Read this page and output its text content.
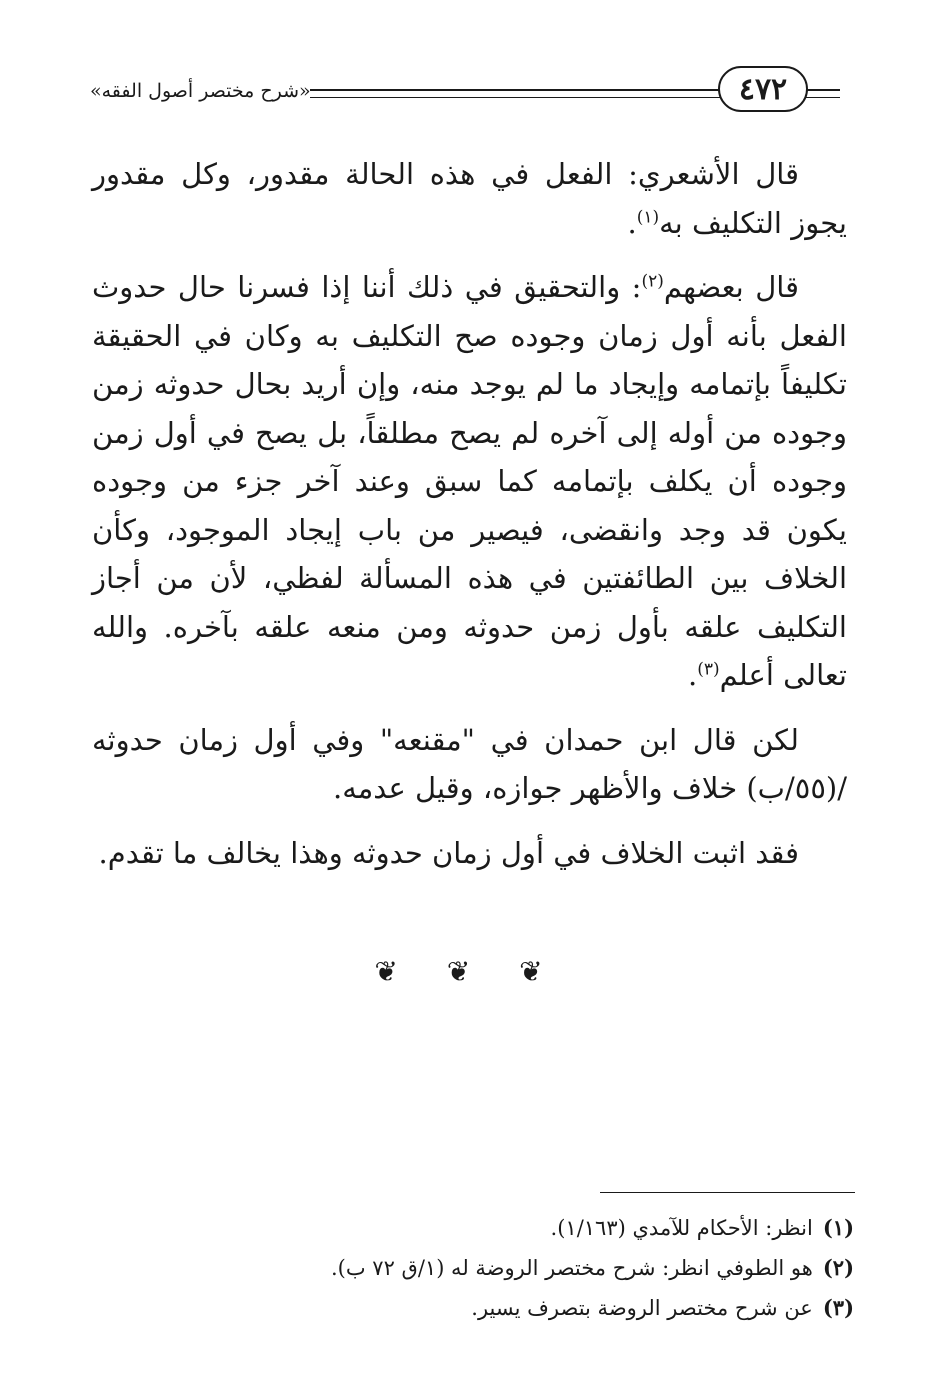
«شرح مختصر أصول الفقه»	٤٧٢

قال الأشعري: الفعل في هذه الحالة مقدور، وكل مقدور يجوز التكليف به$^{(١)}$.

قال بعضهم$^{(٢)}$: والتحقيق في ذلك أننا إذا فسرنا حال حدوث الفعل بأنه أول زمان وجوده صح التكليف به وكان في الحقيقة تكليفاً بإتمامه وإيجاد ما لم يوجد منه، وإن أريد بحال حدوثه زمن وجوده من أوله إلى آخره لم يصح مطلقاً، بل يصح في أول زمن وجوده أن يكلف بإتمامه كما سبق وعند آخر جزء من وجوده يكون قد وجد وانقضى، فيصير من باب إيجاد الموجود، وكأن الخلاف بين الطائفتين في هذه المسألة لفظي، لأن من أجاز التكليف علقه بأول زمن حدوثه ومن منعه علقه بآخره. والله تعالى أعلم$^{(٣)}$.

لكن قال ابن حمدان في "مقنعه" وفي أول زمان حدوثه /(٥٥/ب) خلاف والأظهر جوازه، وقيل عدمه.

فقد اثبت الخلاف في أول زمان حدوثه وهذا يخالف ما تقدم.

❦ ❦ ❦
(١)انظر: الأحكام للآمدي (١/١٦٣).
(٢)هو الطوفي انظر: شرح مختصر الروضة له (١/ق ٧٢ ب).
(٣)عن شرح مختصر الروضة بتصرف يسير.
